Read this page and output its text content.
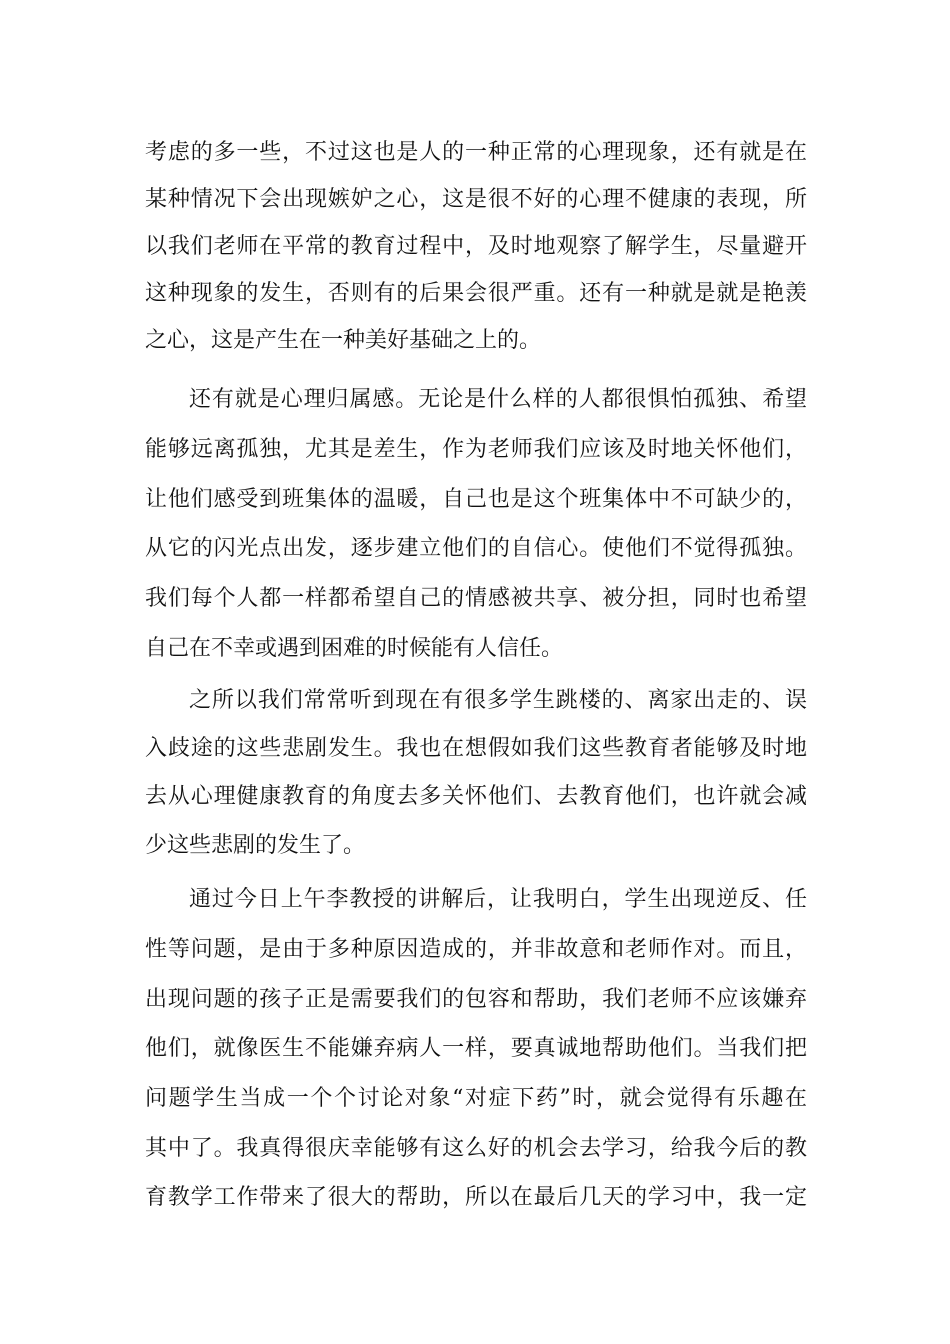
考虑的多一些，不过这也是人的一种正常的心理现象，还有就是在
某种情况下会出现嫉妒之心，这是很不好的心理不健康的表现，所
以我们老师在平常的教育过程中，及时地观察了解学生，尽量避开
这种现象的发生，否则有的后果会很严重。还有一种就是就是艳羡
之心，这是产生在一种美好基础之上的。
还有就是心理归属感。无论是什么样的人都很惧怕孤独、希望
能够远离孤独，尤其是差生，作为老师我们应该及时地关怀他们，
让他们感受到班集体的温暖，自己也是这个班集体中不可缺少的，
从它的闪光点出发，逐步建立他们的自信心。使他们不觉得孤独。
我们每个人都一样都希望自己的情感被共享、被分担，同时也希望
自己在不幸或遇到困难的时候能有人信任。
之所以我们常常听到现在有很多学生跳楼的、离家出走的、误
入歧途的这些悲剧发生。我也在想假如我们这些教育者能够及时地
去从心理健康教育的角度去多关怀他们、去教育他们，也许就会减
少这些悲剧的发生了。
通过今日上午李教授的讲解后，让我明白，学生出现逆反、任
性等问题，是由于多种原因造成的，并非故意和老师作对。而且，
出现问题的孩子正是需要我们的包容和帮助，我们老师不应该嫌弃
他们，就像医生不能嫌弃病人一样，要真诚地帮助他们。当我们把
问题学生当成一个个讨论对象“对症下药”时，就会觉得有乐趣在
其中了。我真得很庆幸能够有这么好的机会去学习，给我今后的教
育教学工作带来了很大的帮助，所以在最后几天的学习中，我一定
